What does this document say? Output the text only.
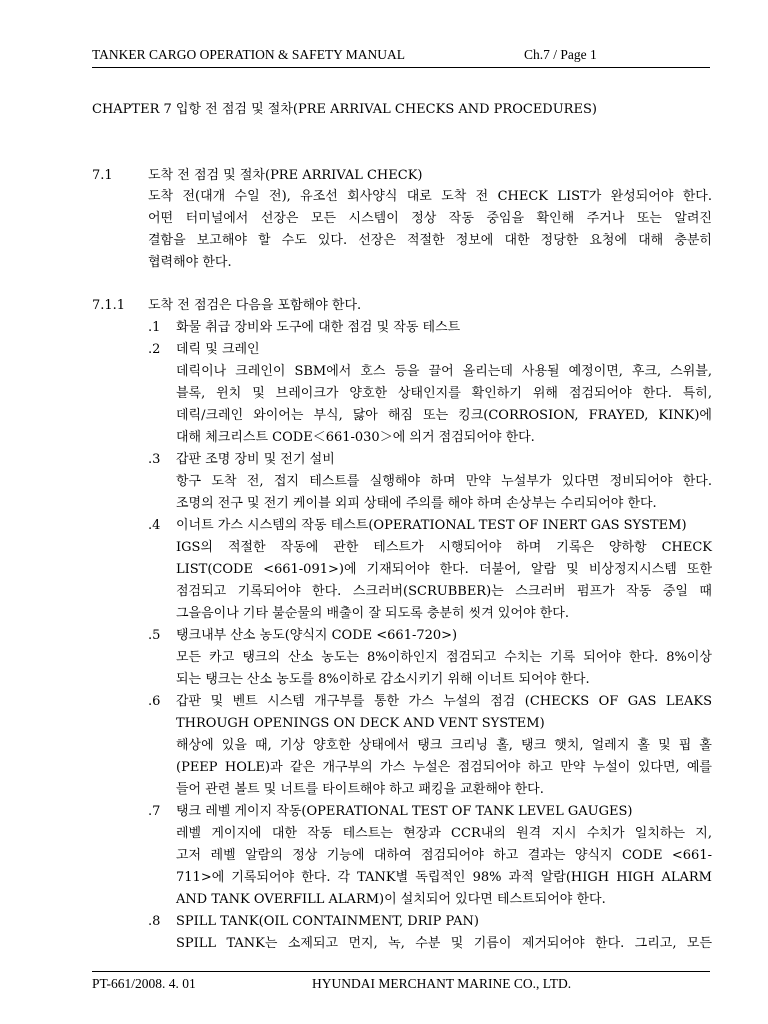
TANKER CARGO OPERATION & SAFETY MANUAL	Ch.7 / Page 1
CHAPTER 7 입항 전 점검 및 절차(PRE ARRIVAL CHECKS AND PROCEDURES)
7.1	도착 전 점검 및 절차(PRE ARRIVAL CHECK)
도착 전(대개 수일 전), 유조선 회사양식 대로 도착 전 CHECK LIST가 완성되어야 한다.
어떤 터미널에서 선장은 모든 시스템이 정상 작동 중임을 확인해 주거나 또는 알려진
결함을 보고해야 할 수도 있다. 선장은 적절한 정보에 대한 정당한 요청에 대해 충분히
협력해야 한다.
7.1.1 도착 전 점검은 다음을 포함해야 한다.
.1 화물 취급 장비와 도구에 대한 점검 및 작동 테스트
.2 데릭 및 크레인
데릭이나 크레인이 SBM에서 호스 등을 끌어 올리는데 사용될 예정이면, 후크, 스위블,
블록, 윈치 및 브레이크가 양호한 상태인지를 확인하기 위해 점검되어야 한다. 특히,
데릭/크레인 와이어는 부식, 닳아 해짐 또는 킹크(CORROSION, FRAYED, KINK)에
대해 체크리스트 CODE＜661-030＞에 의거 점검되어야 한다.
.3 갑판 조명 장비 및 전기 설비
항구 도착 전, 접지 테스트를 실행해야 하며 만약 누설부가 있다면 정비되어야 한다.
조명의 전구 및 전기 케이블 외피 상태에 주의를 해야 하며 손상부는 수리되어야 한다.
.4 이너트 가스 시스템의 작동 테스트(OPERATIONAL TEST OF INERT GAS SYSTEM)
IGS의 적절한 작동에 관한 테스트가 시행되어야 하며 기록은 양하항 CHECK
LIST(CODE <661-091>)에 기재되어야 한다. 더불어, 알람 및 비상정지시스템 또한
점검되고 기록되어야 한다. 스크러버(SCRUBBER)는 스크러버 펌프가 작동 중일 때
그을음이나 기타 불순물의 배출이 잘 되도록 충분히 씻겨 있어야 한다.
.5 탱크내부 산소 농도(양식지 CODE <661-720>)
모든 카고 탱크의 산소 농도는 8%이하인지 점검되고 수치는 기록 되어야 한다. 8%이상
되는 탱크는 산소 농도를 8%이하로 감소시키기 위해 이너트 되어야 한다.
.6 갑판 및 벤트 시스템 개구부를 통한 가스 누설의 점검 (CHECKS OF GAS LEAKS
THROUGH OPENINGS ON DECK AND VENT SYSTEM)
해상에 있을 때, 기상 양호한 상태에서 탱크 크리닝 홀, 탱크 햇치, 얼레지 홀 및 핍 홀
(PEEP HOLE)과 같은 개구부의 가스 누설은 점검되어야 하고 만약 누설이 있다면, 예를
들어 관련 볼트 및 너트를 타이트해야 하고 패킹을 교환해야 한다.
.7 탱크 레벨 게이지 작동(OPERATIONAL TEST OF TANK LEVEL GAUGES)
레벨 게이지에 대한 작동 테스트는 현장과 CCR내의 원격 지시 수치가 일치하는 지,
고저 레벨 알람의 정상 기능에 대하여 점검되어야 하고 결과는 양식지 CODE <661-
711>에 기록되어야 한다. 각 TANK별 독립적인 98% 과적 알람(HIGH HIGH ALARM
AND TANK OVERFILL ALARM)이 설치되어 있다면 테스트되어야 한다.
.8 SPILL TANK(OIL CONTAINMENT, DRIP PAN)
SPILL TANK는 소제되고 먼지, 녹, 수분 및 기름이 제거되어야 한다. 그리고, 모든
PT-661/2008. 4. 01	HYUNDAI MERCHANT MARINE CO., LTD.
